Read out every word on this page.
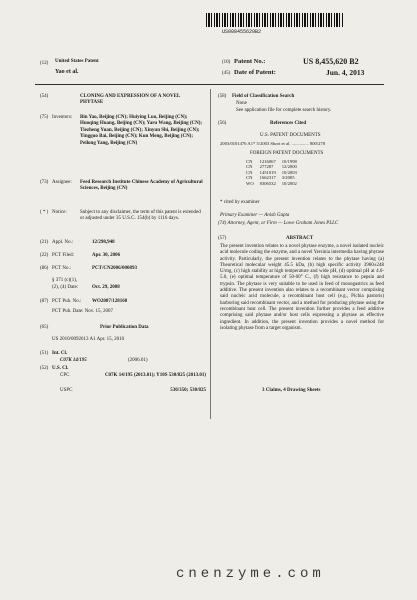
US008455620B2
(12) United States Patent
Yao et al.
(10) Patent No.:	US 8,455,620 B2
(45) Date of Patent:	Jun. 4, 2013
(54)	CLONING AND EXPRESSION OF A NOVEL PHYTASE
(75) Inventors: Bin Yao, Beijing (CN); Huiying Luo, Beijing (CN); Huoqing Huang, Beijing (CN); Yaru Wang, Beijing (CN); Tiezheng Yuan, Beijing (CN); Xinyun Shi, Beijing (CN); Yingguo Bai, Beijing (CN); Kun Meng, Beijing (CN); Peilong Yang, Beijing (CN)
(73) Assignee: Feed Research Institute Chinese Academy of Agricultural Sciences, Beijing (CN)
( * ) Notice:	Subject to any disclaimer, the term of this patent is extended or adjusted under 35 U.S.C. 154(b) by 1116 days.
(21) Appl. No.:	12/298,948
(22) PCT Filed:	Apr. 30, 2006
(86) PCT No.:	PCT/CN2006/000893
§ 371 (c)(1),
(2), (4) Date:	Oct. 29, 2008
(87) PCT Pub. No.: WO2007/128160
PCT Pub. Date: Nov. 15, 2007
(65)	Prior Publication Data
US 2010/0092613 A1 Apr. 15, 2010
(51) Int. Cl.
C07K 14/195	(2006.01)
(52) U.S. Cl.
CPC	C07K 14/195 (2013.01); Y10S 530/825 (2013.01)
USPC	530/350; 530/825
(58) Field of Classification Search
None
See application file for complete search history.
(56)	References Cited
U.S. PATENT DOCUMENTS
2003/0101476 A1* 5/2003 Short et al. ............... 800/278
FOREIGN PATENT DOCUMENTS
CN	1216067	10/1998
CN	277287	12/2000
CN	1451019	10/2003
CN	1662317	3/2005
WO	8306532	10/2002
* cited by examiner
Primary Examiner — Anish Gupta
(74) Attorney, Agent, or Firm — Lowe Graham Jones PLLC
(57)	ABSTRACT
The present invention relates to a novel phytase enzyme, a novel isolated nucleic acid molecule coding the enzyme, and a novel Yersinia intermedia having phytase activity. Particularly, the present invention relates to the phytase having (a) Theoretical molecular weight 45.5 kDa, (b) high specific activity 3960±248 U/mg, (c) high stability at high temperature and wide pH, (d) optimal pH at 4.0-5.0, (e) optimal temperature of 50-60° C., (f) high resistance to pepsin and trypsin. The phytase is very suitable to be used in feed of monogastrics as feed additive. The present invention also relates to a recombinant vector comprising said nucleic acid molecule, a recombinant host cell (e.g., Pichia pastoris) harboring said recombinant vector, and a method for producing phytase using the recombinant host cell. The present invention further provides a feed additive comprising said phytase and/or host cells expressing a phytase as effective ingredient. In addition, the present invention provides a novel method for isolating phytase from a target organism.
3 Claims, 4 Drawing Sheets
cnenzyme.com
